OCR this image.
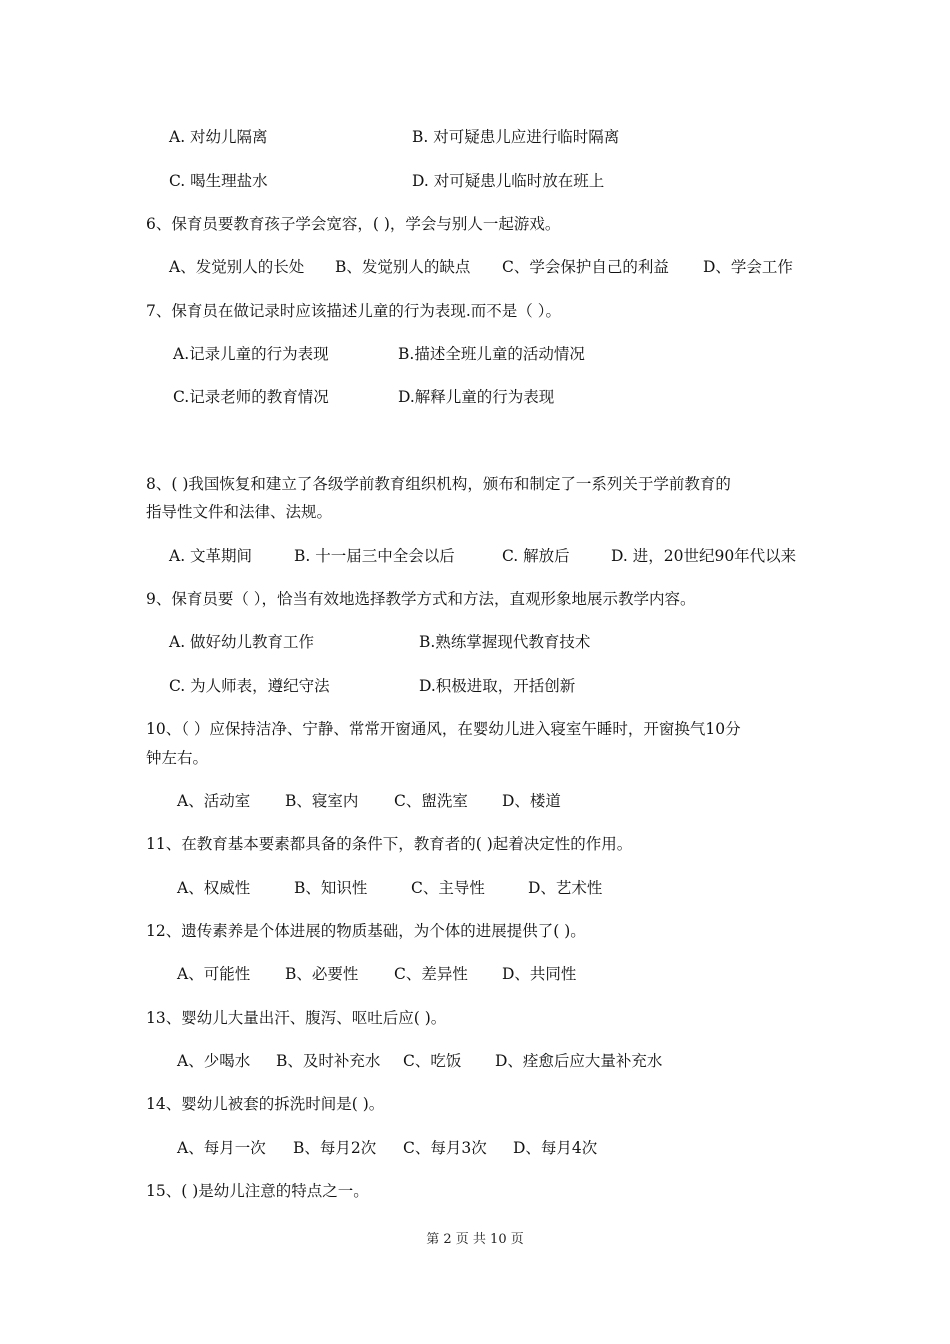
A. 对幼儿隔离	B. 对可疑患儿应进行临时隔离
C. 喝生理盐水	D. 对可疑患儿临时放在班上
6、保育员要教育孩子学会宽容，( )，学会与别人一起游戏。
A、发觉别人的长处	B、发觉别人的缺点	C、学会保护自己的利益	D、学会工作
7、保育员在做记录时应该描述儿童的行为表现.而不是（ ）。
A.记录儿童的行为表现	B.描述全班儿童的活动情况
C.记录老师的教育情况	D.解释儿童的行为表现
8、( )我国恢复和建立了各级学前教育组织机构，颁布和制定了一系列关于学前教育的
指导性文件和法律、法规。
A. 文革期间	B. 十一届三中全会以后	C. 解放后	D. 进，20世纪90年代以来
9、保育员要（ ），恰当有效地选择教学方式和方法，直观形象地展示教学内容。
A. 做好幼儿教育工作	B.熟练掌握现代教育技术
C. 为人师表，遵纪守法	D.积极进取，开括创新
10、（ ）应保持洁净、宁静、常常开窗通风，在婴幼儿进入寝室午睡时，开窗换气10分
钟左右。
A、活动室	B、寝室内	C、盥洗室	D、楼道
11、在教育基本要素都具备的条件下，教育者的( )起着决定性的作用。
A、权威性	B、知识性	C、主导性	D、艺术性
12、遗传素养是个体进展的物质基础，为个体的进展提供了( )。
A、可能性	B、必要性	C、差异性	D、共同性
13、婴幼儿大量出汗、腹泻、呕吐后应( )。
A、少喝水	B、及时补充水	C、吃饭	D、痊愈后应大量补充水
14、婴幼儿被套的拆洗时间是( )。
A、每月一次	B、每月2次	C、每月3次	D、每月4次
15、( )是幼儿注意的特点之一。
第 2 页 共 10 页
